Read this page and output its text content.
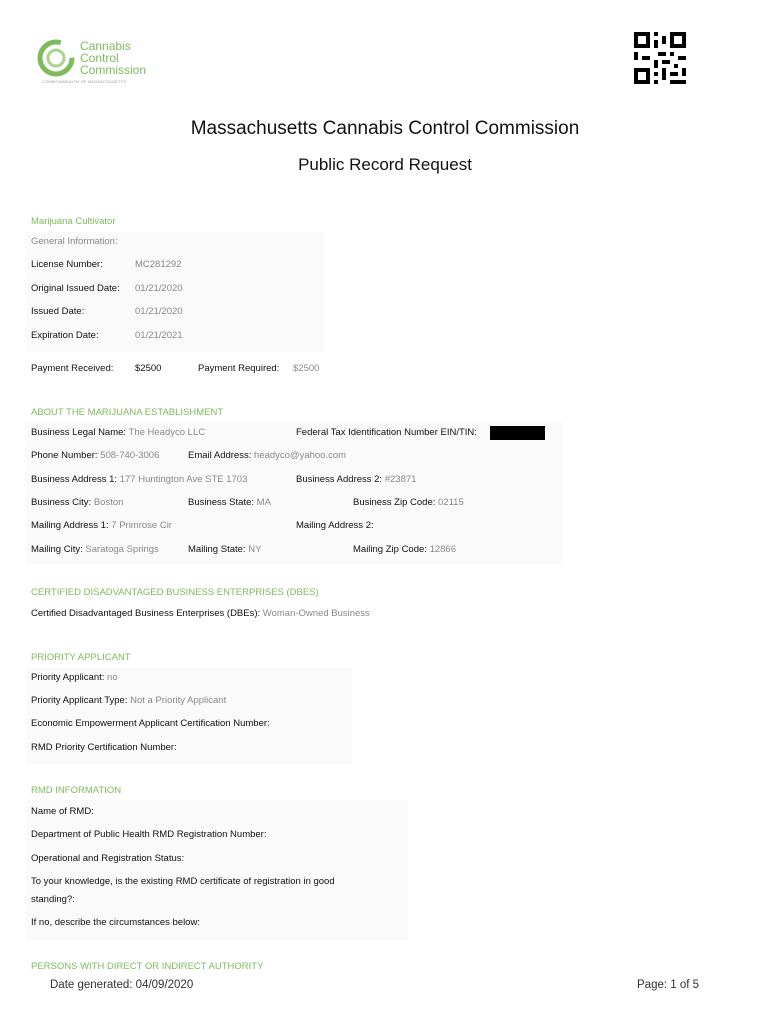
Cannabis
Control
Commission
COMMONWEALTH OF MASSACHUSETTS
Massachusetts Cannabis Control Commission
Public Record Request
Marijuana Cultivator
General Information:
License Number:	MC281292
Original Issued Date: 01/21/2020
Issued Date:	01/21/2020
Expiration Date:	01/21/2021
Payment Received: $2500	Payment Required: $2500
ABOUT THE MARIJUANA ESTABLISHMENT
Business Legal Name: The Headyco LLC	Federal Tax Identification Number EIN/TIN:
Phone Number: 508-740-3006	Email Address: headyco@yahoo.com
Business Address 1: 177 Huntington Ave STE 1703	Business Address 2: #23871
Business City: Boston	Business State: MA	Business Zip Code: 02115
Mailing Address 1: 7 Primrose Cir	Mailing Address 2:
Mailing City: Saratoga Springs	Mailing State: NY	Mailing Zip Code: 12866
CERTIFIED DISADVANTAGED BUSINESS ENTERPRISES (DBES)
Certified Disadvantaged Business Enterprises (DBEs): Woman-Owned Business
PRIORITY APPLICANT
Priority Applicant: no
Priority Applicant Type: Not a Priority Applicant
Economic Empowerment Applicant Certification Number:
RMD Priority Certification Number:
RMD INFORMATION
Name of RMD:
Department of Public Health RMD Registration Number:
Operational and Registration Status:
To your knowledge, is the existing RMD certificate of registration in good
standing?:
If no, describe the circumstances below:
PERSONS WITH DIRECT OR INDIRECT AUTHORITY
Date generated: 04/09/2020	Page: 1 of 5
